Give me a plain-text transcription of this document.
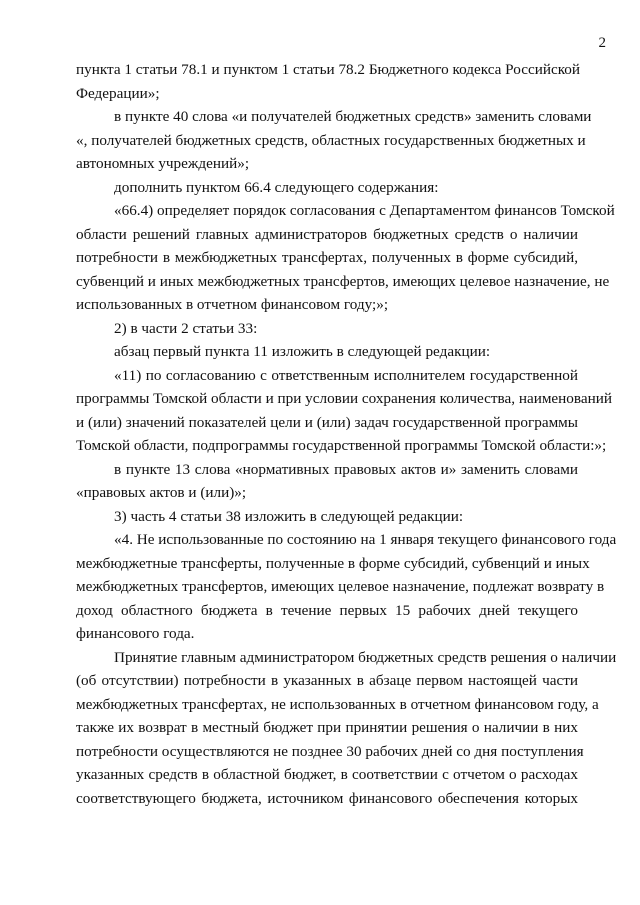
2

пункта 1 статьи 78.1 и пунктом 1 статьи 78.2 Бюджетного кодекса Российской
Федерации»;

в пункте 40 слова «и получателей бюджетных средств» заменить словами
«, получателей бюджетных средств, областных государственных бюджетных и
автономных учреждений»;

дополнить пунктом 66.4 следующего содержания:

«66.4) определяет порядок согласования с Департаментом финансов Томской
области решений главных администраторов бюджетных средств о наличии
потребности в межбюджетных трансфертах, полученных в форме субсидий,
субвенций и иных межбюджетных трансфертов, имеющих целевое назначение, не
использованных в отчетном финансовом году;»;

2) в части 2 статьи 33:

абзац первый пункта 11 изложить в следующей редакции:

«11) по согласованию с ответственным исполнителем государственной
программы Томской области и при условии сохранения количества, наименований
и (или) значений показателей цели и (или) задач государственной программы
Томской области, подпрограммы государственной программы Томской области:»;

в пункте 13 слова «нормативных правовых актов и» заменить словами
«правовых актов и (или)»;

3) часть 4 статьи 38 изложить в следующей редакции:

«4. Не использованные по состоянию на 1 января текущего финансового года
межбюджетные трансферты, полученные в форме субсидий, субвенций и иных
межбюджетных трансфертов, имеющих целевое назначение, подлежат возврату в
доход областного бюджета в течение первых 15 рабочих дней текущего
финансового года.

Принятие главным администратором бюджетных средств решения о наличии
(об отсутствии) потребности в указанных в абзаце первом настоящей части
межбюджетных трансфертах, не использованных в отчетном финансовом году, а
также их возврат в местный бюджет при принятии решения о наличии в них
потребности осуществляются не позднее 30 рабочих дней со дня поступления
указанных средств в областной бюджет, в соответствии с отчетом о расходах
соответствующего бюджета, источником финансового обеспечения которых
